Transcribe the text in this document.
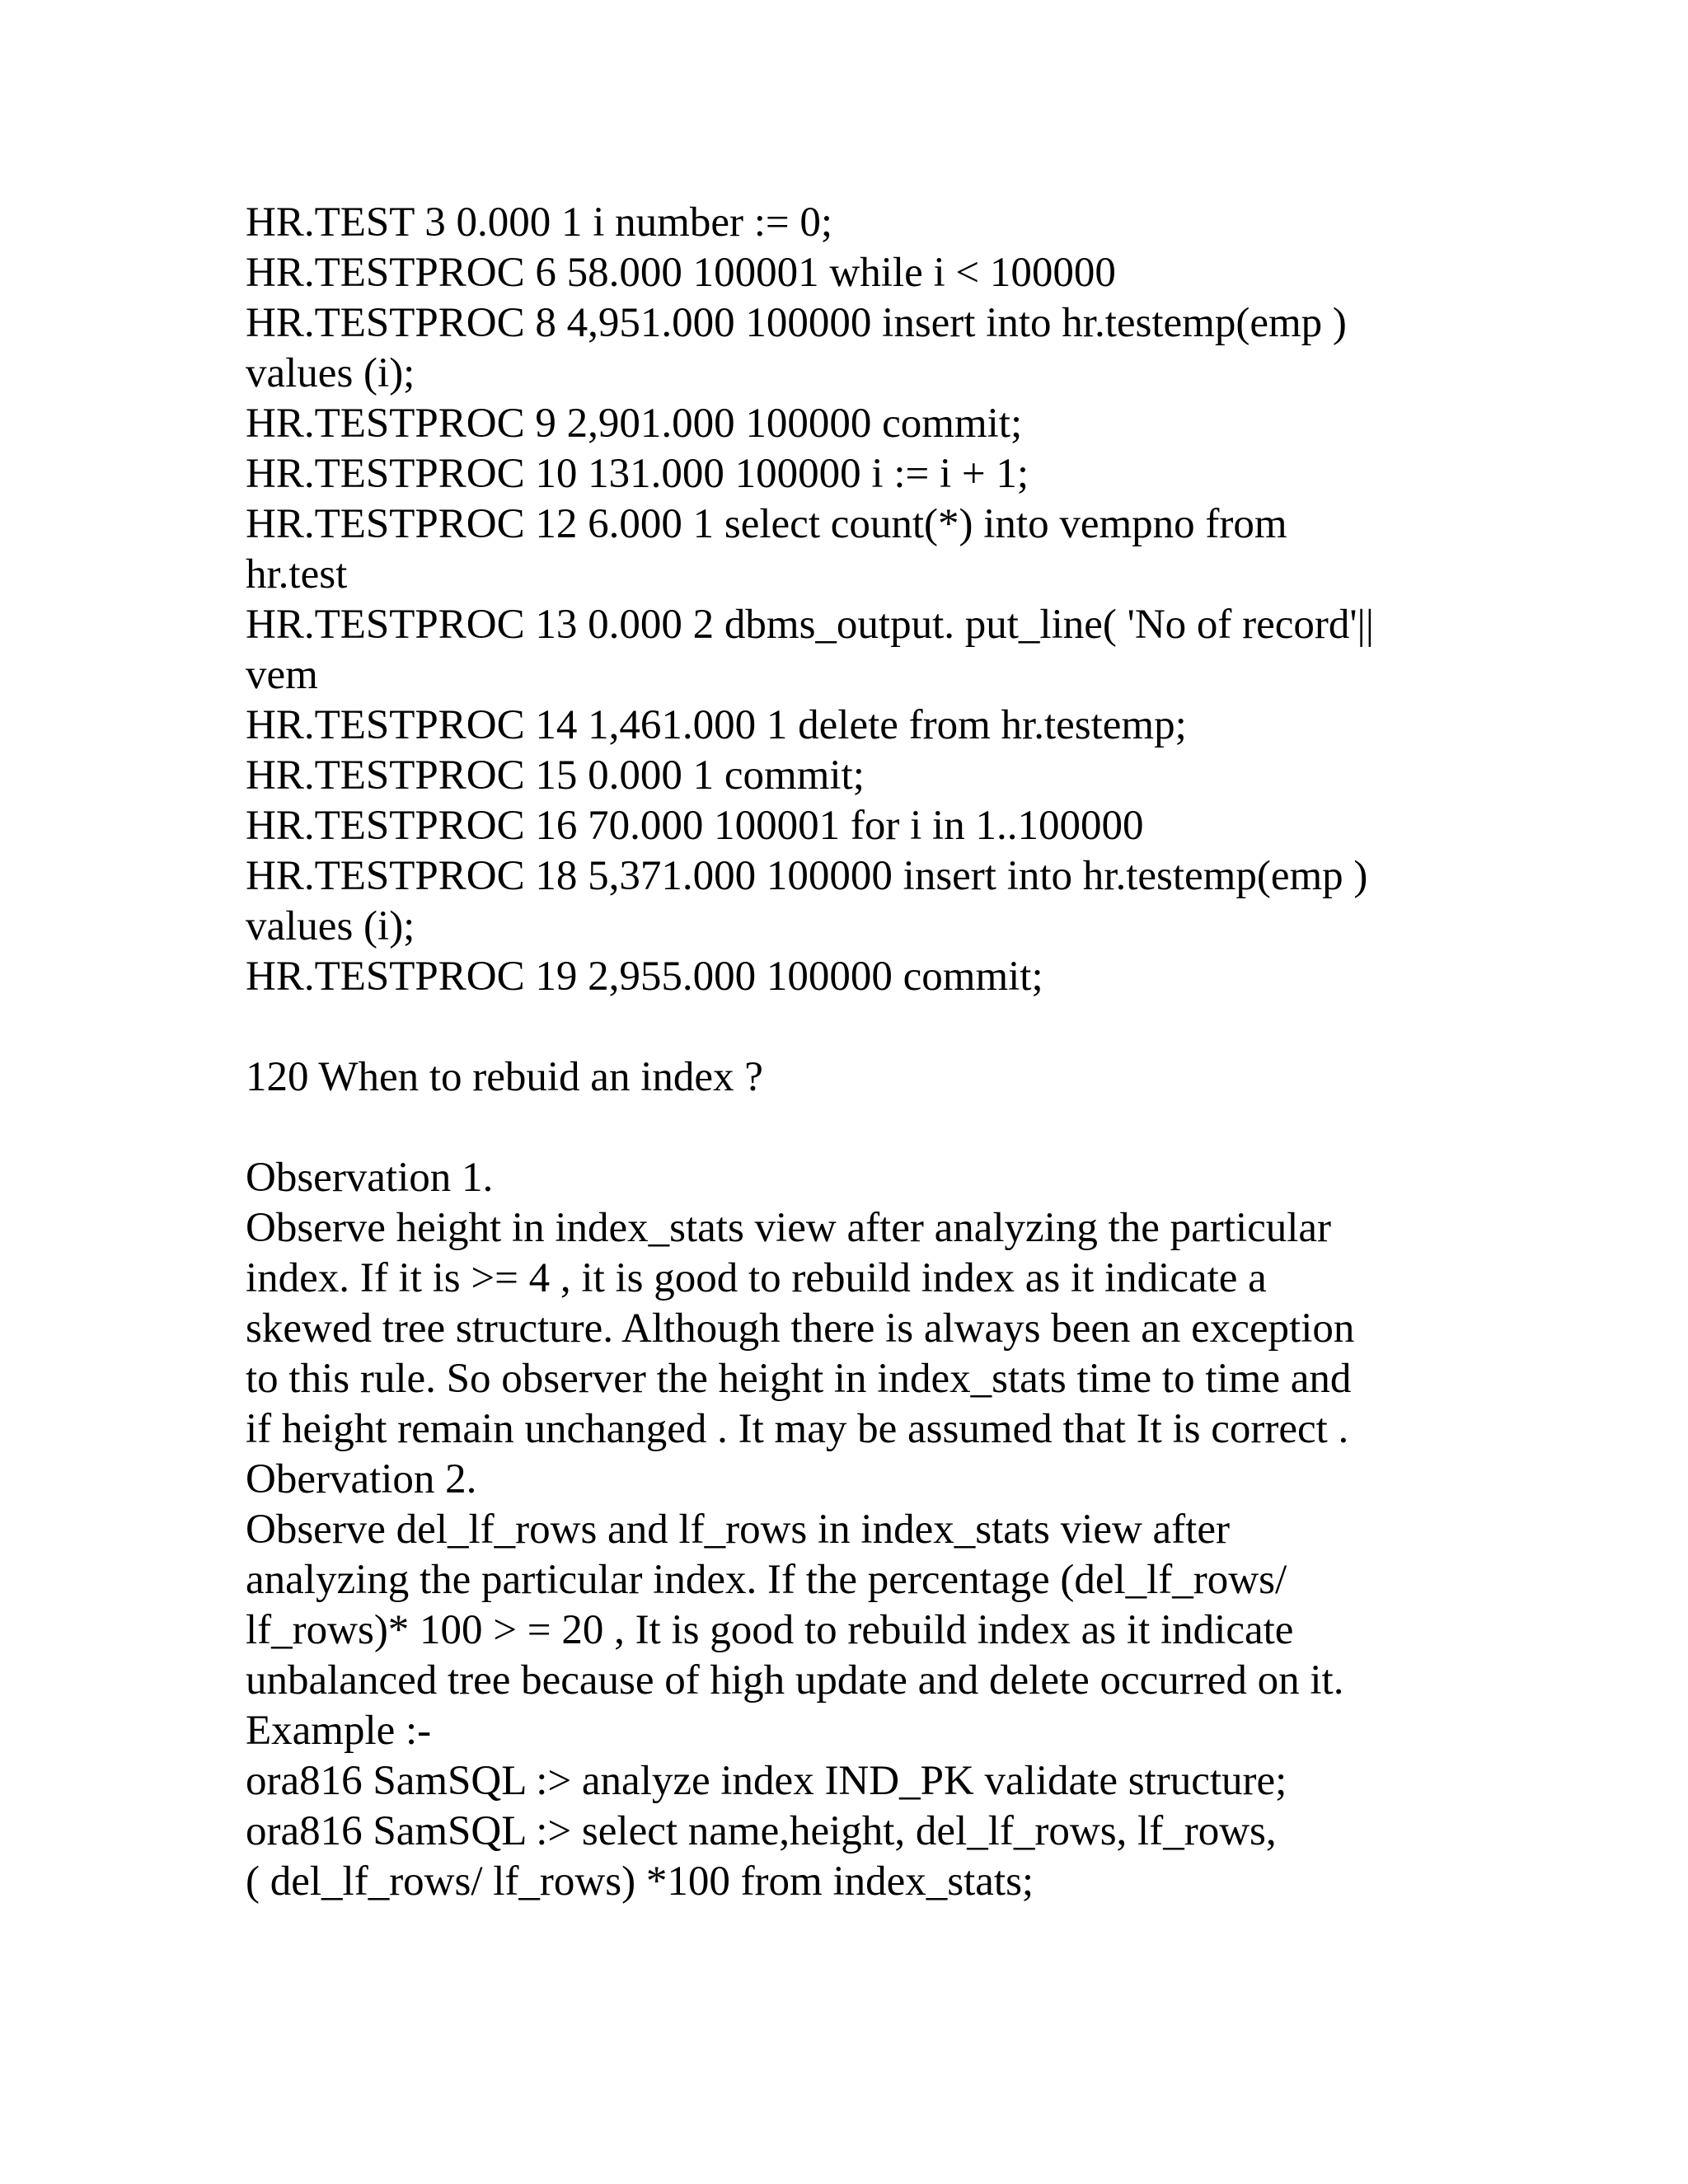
HR.TEST 3 0.000 1 i number := 0;
HR.TESTPROC 6 58.000 100001 while i < 100000
HR.TESTPROC 8 4,951.000 100000 insert into hr.testemp(emp )
values (i);
HR.TESTPROC 9 2,901.000 100000 commit;
HR.TESTPROC 10 131.000 100000 i := i + 1;
HR.TESTPROC 12 6.000 1 select count(*) into vempno from
hr.test
HR.TESTPROC 13 0.000 2 dbms_output. put_line( 'No of record'||
vem
HR.TESTPROC 14 1,461.000 1 delete from hr.testemp;
HR.TESTPROC 15 0.000 1 commit;
HR.TESTPROC 16 70.000 100001 for i in 1..100000
HR.TESTPROC 18 5,371.000 100000 insert into hr.testemp(emp )
values (i);
HR.TESTPROC 19 2,955.000 100000 commit;
120 When to rebuid an index ?
Observation 1.
Observe height in index_stats view after analyzing the particular
index. If it is >= 4 , it is good to rebuild index as it indicate a
skewed tree structure. Although there is always been an exception
to this rule. So observer the height in index_stats time to time and
if height remain unchanged . It may be assumed that It is correct .
Obervation 2.
Observe del_lf_rows and lf_rows in index_stats view after
analyzing the particular index. If the percentage (del_lf_rows/
lf_rows)* 100 > = 20 , It is good to rebuild index as it indicate
unbalanced tree because of high update and delete occurred on it.
Example :-
ora816 SamSQL :> analyze index IND_PK validate structure;
ora816 SamSQL :> select name,height, del_lf_rows, lf_rows,
( del_lf_rows/ lf_rows) *100 from index_stats;
